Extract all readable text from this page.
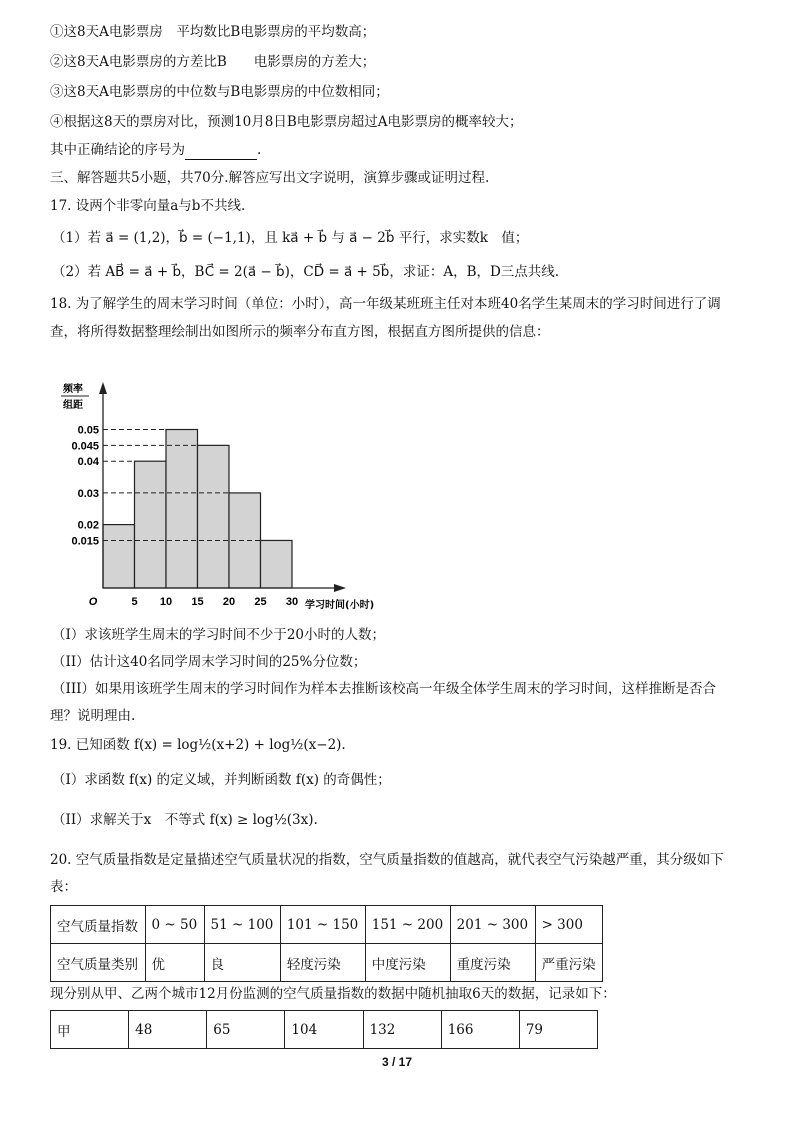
①这8天A电影票房　平均数比B电影票房的平均数高；
②这8天A电影票房的方差比B　　电影票房的方差大；
③这8天A电影票房的中位数与B电影票房的中位数相同；
④根据这8天的票房对比，预测10月8日B电影票房超过A电影票房的概率较大；
其中正确结论的序号为	.
三、解答题共5小题，共70分.解答应写出文字说明，演算步骤或证明过程.
17. 设两个非零向量a与b不共线.
（1）若 a⃗ = (1,2)，b⃗ = (−1,1)，且 ka⃗ + b⃗ 与 a⃗ − 2b⃗ 平行，求实数k　值；
（2）若 AB⃗ = a⃗ + b⃗，BC⃗ = 2(a⃗ − b⃗)，CD⃗ = a⃗ + 5b⃗，求证：A，B，D三点共线.
18. 为了解学生的周末学习时间（单位：小时），高一年级某班班主任对本班40名学生某周末的学习时间进行了调
查，将所得数据整理绘制出如图所示的频率分布直方图，根据直方图所提供的信息：
0.05
0.045
0.04
0.03
0.02
0.015
5 10 15 20 25 30
O	学习时间(小时)
频率
组距
（I）求该班学生周末的学习时间不少于20小时的人数；
（II）估计这40名同学周末学习时间的25%分位数；
（III）如果用该班学生周末的学习时间作为样本去推断该校高一年级全体学生周末的学习时间，这样推断是否合
理？说明理由.
19. 已知函数 f(x) = log½(x+2) + log½(x−2).
（I）求函数 f(x) 的定义域，并判断函数 f(x) 的奇偶性；
（II）求解关于x　不等式 f(x) ≥ log½(3x).
20. 空气质量指数是定量描述空气质量状况的指数，空气质量指数的值越高，就代表空气污染越严重，其分级如下
表：
空气质量指数	0 ~ 50	51 ~ 100	101 ~ 150	151 ~ 200	201 ~ 300	> 300
空气质量类别	优	良	轻度污染	中度污染	重度污染	严重污染
现分别从甲、乙两个城市12月份监测的空气质量指数的数据中随机抽取6天的数据，记录如下：
甲	48	65	104	132	166	79
3 / 17
